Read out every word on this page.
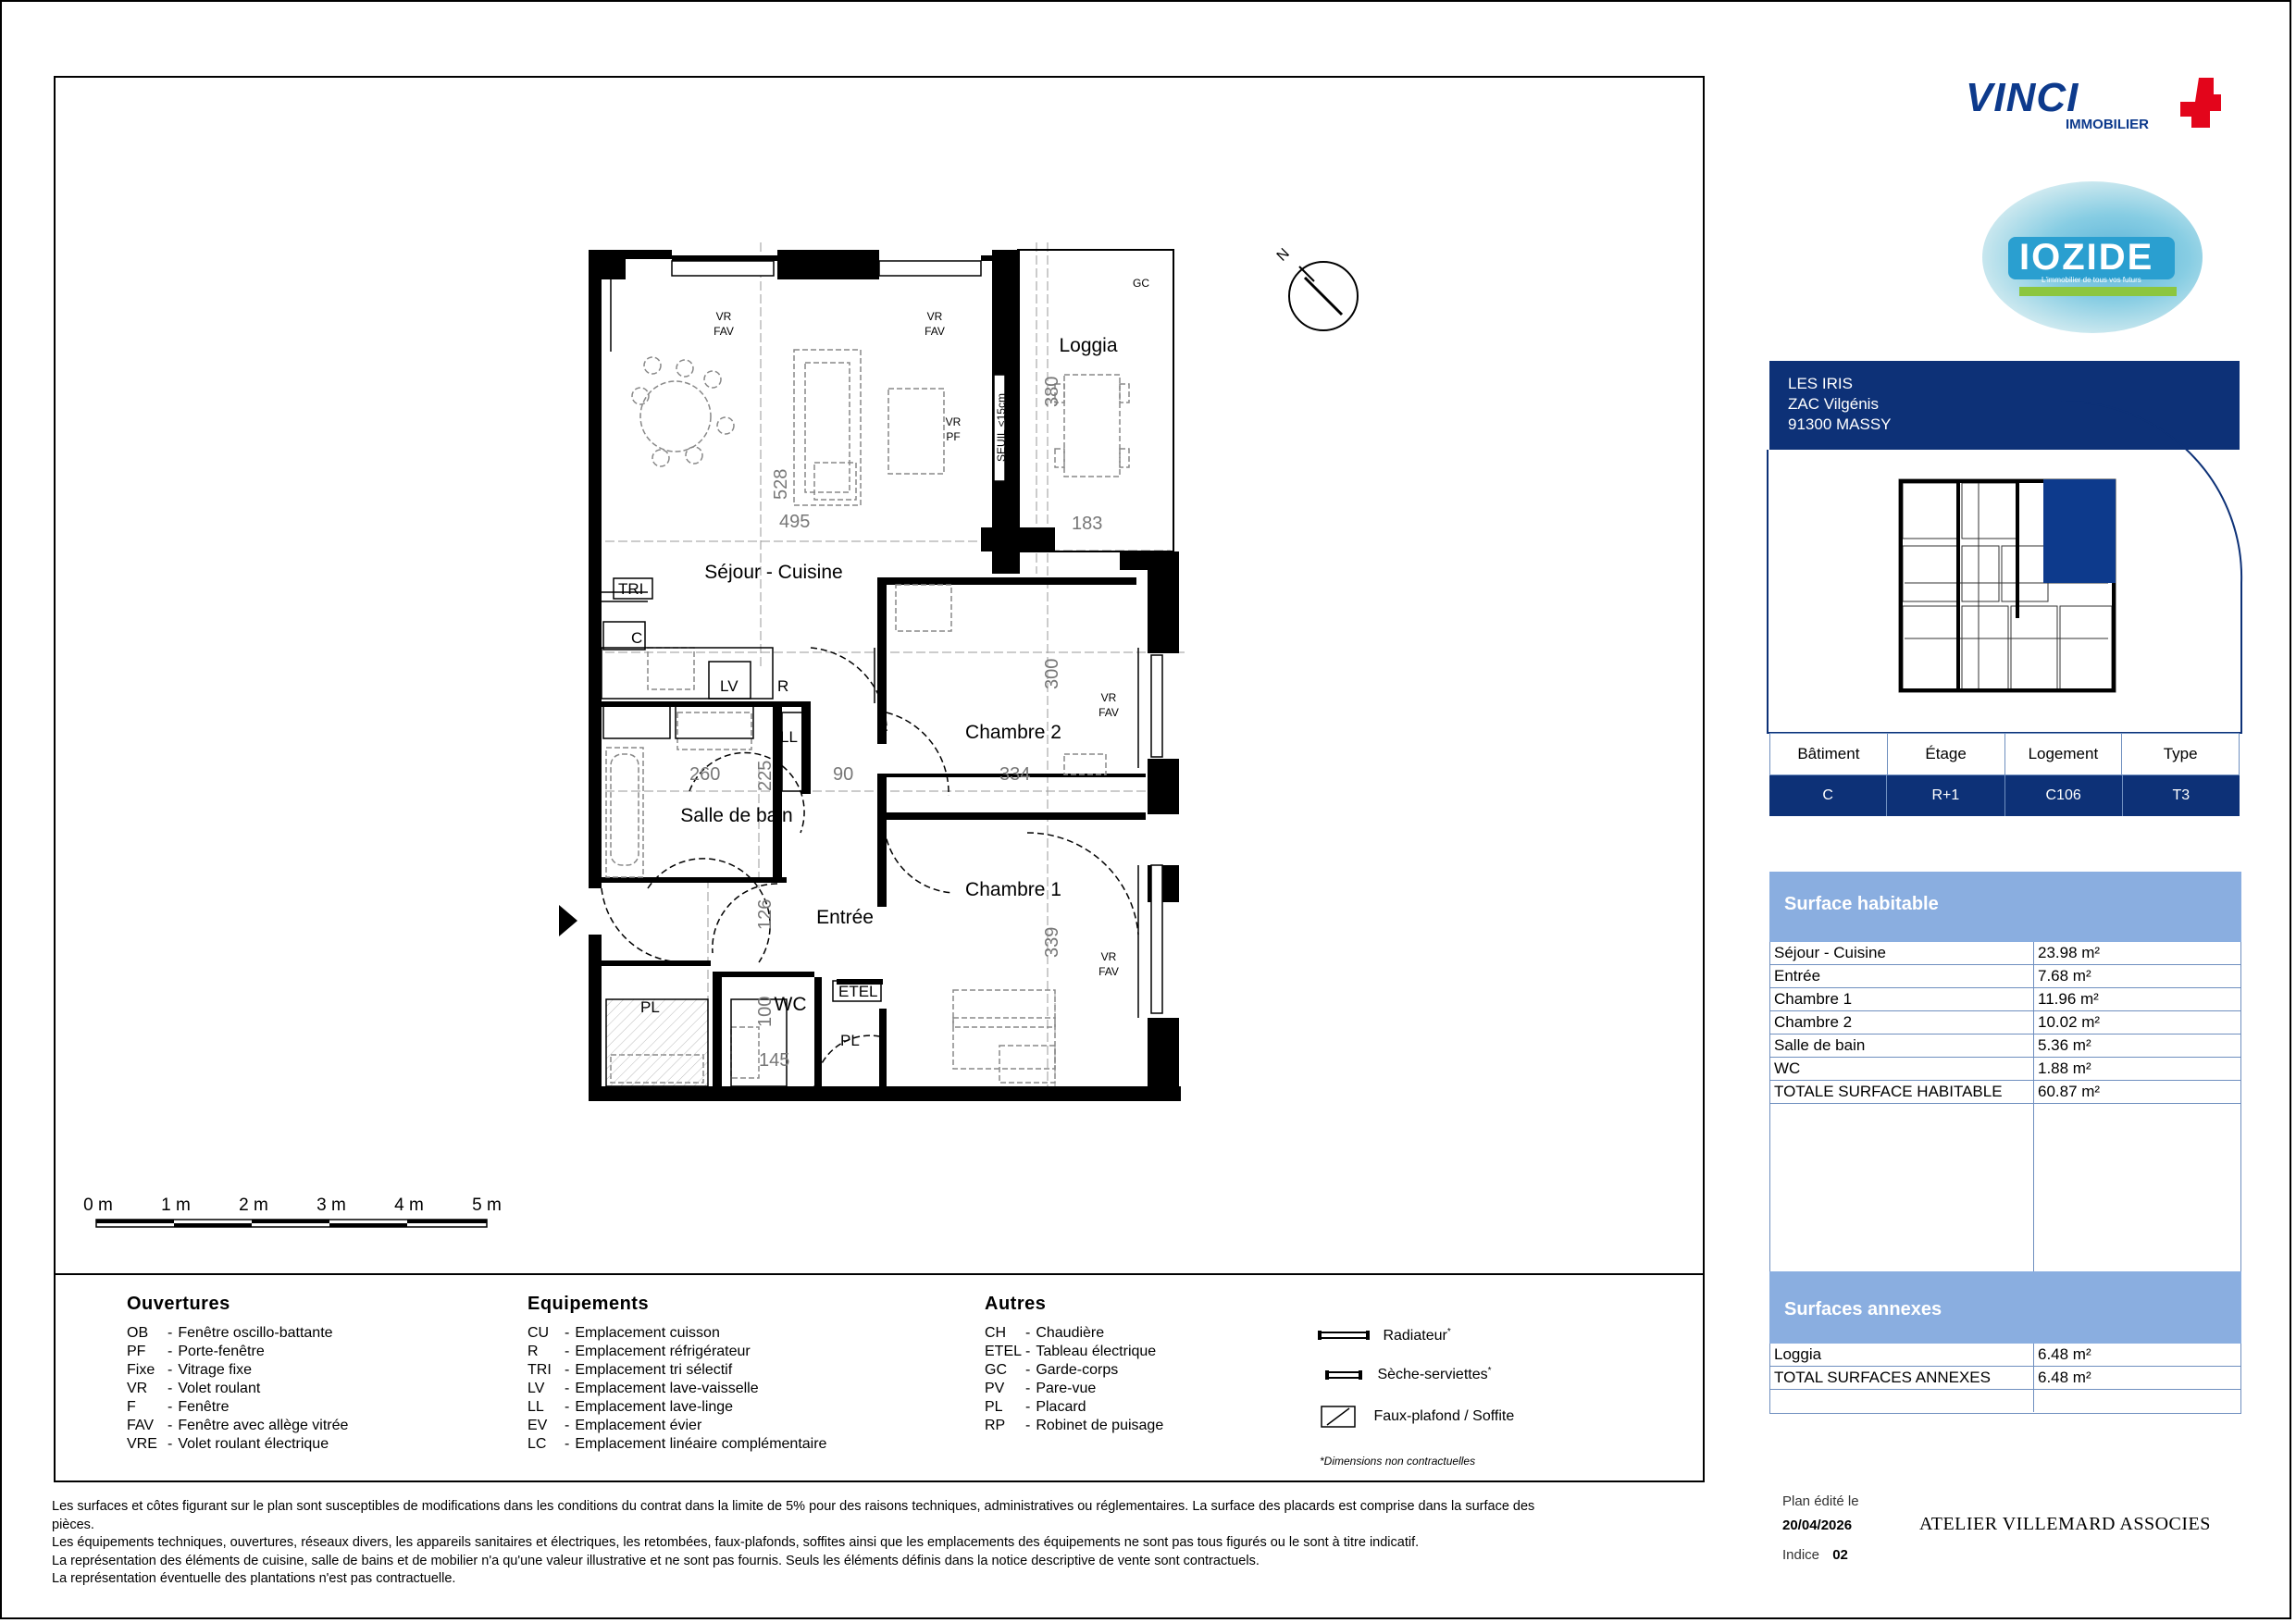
528
495
380
183
300
334
260 225	90
339
126
145
100
VR
FAV
VR
FAV
VR
PF
VR
FAV
VR
FAV
GC
SEUIL <15cm
TRI
C
LV R
LL
ETEL
PL
PL
Séjour - Cuisine
Loggia
Chambre 2
Chambre 1
Salle de bain
Entrée
WC
N
0 m	1 m	2 m	3 m	4 m	5 m
Ouvertures
OB	- Fenêtre oscillo-battante
PF	- Porte-fenêtre
Fixe - Vitrage fixe
VR	- Volet roulant
F	- Fenêtre
FAV - Fenêtre avec allège vitrée
VRE - Volet roulant électrique
Equipements
CU	- Emplacement cuisson
R	- Emplacement réfrigérateur
TRI - Emplacement tri sélectif
LV	- Emplacement lave-vaisselle
LL	- Emplacement lave-linge
EV	- Emplacement évier
LC	- Emplacement linéaire complémentaire
Autres
CH	- Chaudière
ETEL - Tableau électrique
GC	- Garde-corps
PV	- Pare-vue
PL	- Placard
RP	- Robinet de puisage
Radiateur*
Sèche-serviettes*
Faux-plafond / Soffite
*Dimensions non contractuelles
Les surfaces et côtes figurant sur le plan sont susceptibles de modifications dans les conditions du contrat dans la limite de 5% pour des raisons techniques, administratives ou réglementaires. La surface des placards est comprise dans la surface des pièces.
Les équipements techniques, ouvertures, réseaux divers, les appareils sanitaires et électriques, les retombées, faux-plafonds, soffites ainsi que les emplacements des équipements ne sont pas tous figurés ou le sont à titre indicatif.
La représentation des éléments de cuisine, salle de bains et de mobilier n'a qu'une valeur illustrative et ne sont pas fournis. Seuls les éléments définis dans la notice descriptive de vente sont contractuels.
La représentation éventuelle des plantations n'est pas contractuelle.
VINCI
IMMOBILIER
IOZIDE
L'immobilier de tous vos futurs
LES IRIS
ZAC Vilgénis
91300 MASSY
Bâtiment	Étage	Logement	Type
C	R+1	C106	T3
Surface habitable
Séjour - Cuisine	23.98 m²
Entrée	7.68 m²
Chambre 1	11.96 m²
Chambre 2	10.02 m²
Salle de bain	5.36 m²
WC	1.88 m²
TOTALE SURFACE HABITABLE	60.87 m²
Surfaces annexes
Loggia	6.48 m²
TOTAL SURFACES ANNEXES	6.48 m²
Plan édité le
20/04/2026
Indice 02
ATELIER VILLEMARD ASSOCIES
